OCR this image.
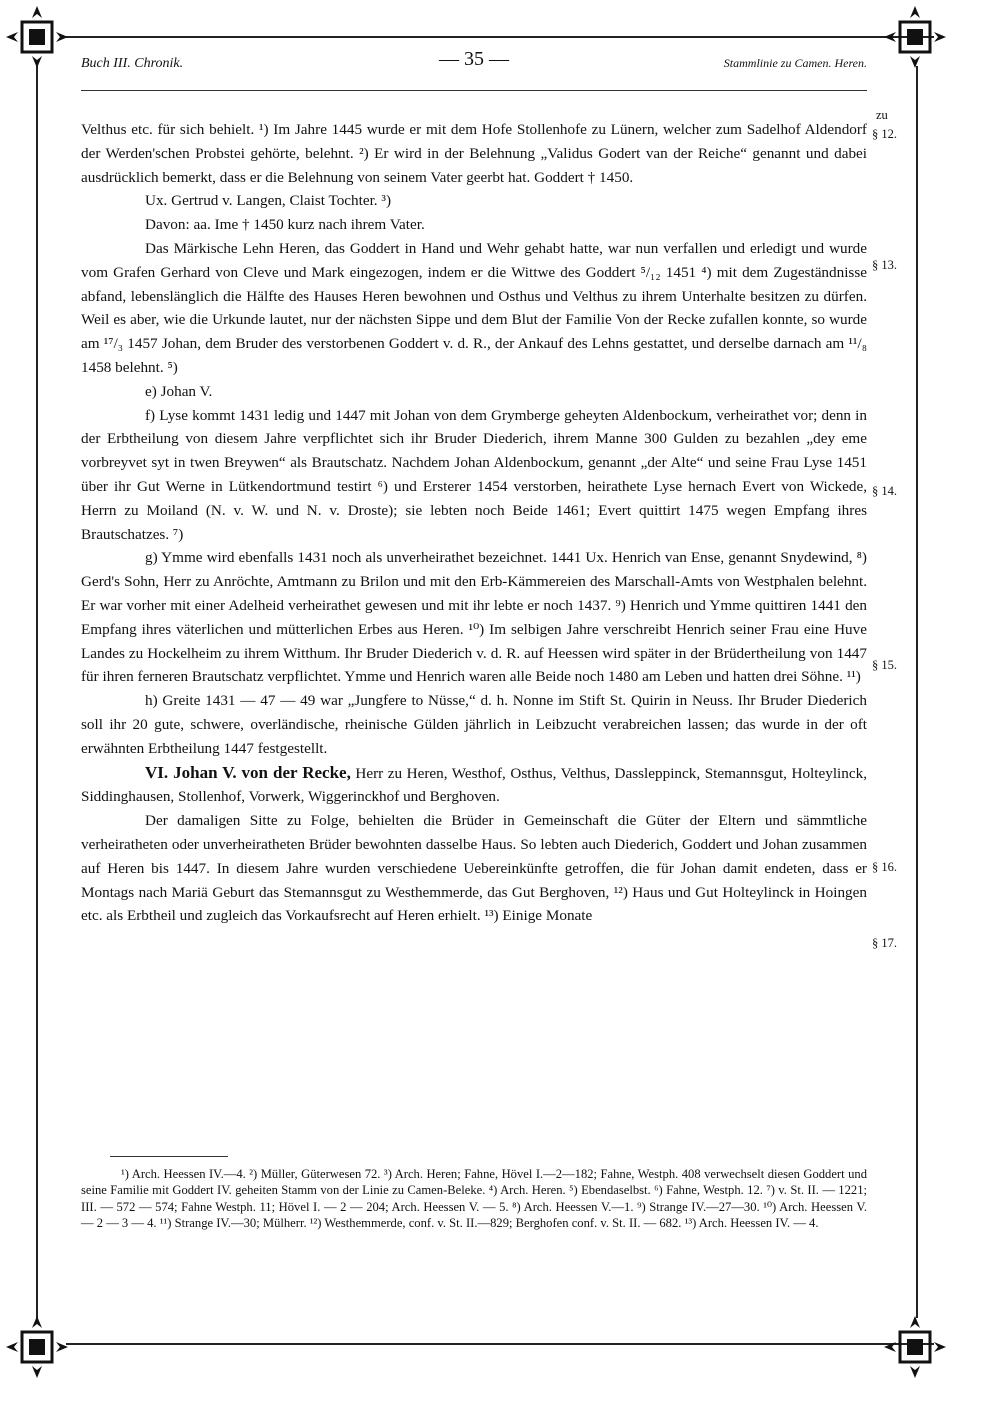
Buch III. Chronik.	— 35 —	Stammlinie zu Camen. Heren.
zu
§ 12.
§ 13.
§ 14.
§ 15.
§ 16.
§ 17.

Velthus etc. für sich behielt. ¹) Im Jahre 1445 wurde er mit dem Hofe Stollenhofe zu Lünern, welcher zum Sadelhof Aldendorf der Werden'schen Probstei gehörte, belehnt. ²) Er wird in der Belehnung „Validus Godert van der Reiche“ genannt und dabei ausdrücklich bemerkt, dass er die Belehnung von seinem Vater geerbt hat. Goddert † 1450.

Ux. Gertrud v. Langen, Claist Tochter. ³)

Davon: aa. Ime † 1450 kurz nach ihrem Vater.

Das Märkische Lehn Heren, das Goddert in Hand und Wehr gehabt hatte, war nun verfallen und erledigt und wurde vom Grafen Gerhard von Cleve und Mark eingezogen, indem er die Wittwe des Goddert ⁵/₁₂ 1451 ⁴) mit dem Zugeständnisse abfand, lebenslänglich die Hälfte des Hauses Heren bewohnen und Osthus und Velthus zu ihrem Unterhalte besitzen zu dürfen. Weil es aber, wie die Urkunde lautet, nur der nächsten Sippe und dem Blut der Familie Von der Recke zufallen konnte, so wurde am ¹⁷/₃ 1457 Johan, dem Bruder des verstorbenen Goddert v. d. R., der Ankauf des Lehns gestattet, und derselbe darnach am ¹¹/₈ 1458 belehnt. ⁵)

e) Johan V.

f) Lyse kommt 1431 ledig und 1447 mit Johan von dem Grymberge geheyten Aldenbockum, verheirathet vor; denn in der Erbtheilung von diesem Jahre verpflichtet sich ihr Bruder Diederich, ihrem Manne 300 Gulden zu bezahlen „dey eme vorbreyvet syt in twen Breywen“ als Brautschatz. Nachdem Johan Aldenbockum, genannt „der Alte“ und seine Frau Lyse 1451 über ihr Gut Werne in Lütkendortmund testirt ⁶) und Ersterer 1454 verstorben, heirathete Lyse hernach Evert von Wickede, Herrn zu Moiland (N. v. W. und N. v. Droste); sie lebten noch Beide 1461; Evert quittirt 1475 wegen Empfang ihres Brautschatzes. ⁷)

g) Ymme wird ebenfalls 1431 noch als unverheirathet bezeichnet. 1441 Ux. Henrich van Ense, genannt Snydewind, ⁸) Gerd's Sohn, Herr zu Anröchte, Amtmann zu Brilon und mit den Erb-Kämmereien des Marschall-Amts von Westphalen belehnt. Er war vorher mit einer Adelheid verheirathet gewesen und mit ihr lebte er noch 1437. ⁹) Henrich und Ymme quittiren 1441 den Empfang ihres väterlichen und mütterlichen Erbes aus Heren. ¹⁰) Im selbigen Jahre verschreibt Henrich seiner Frau eine Huve Landes zu Hockelheim zu ihrem Witthum. Ihr Bruder Diederich v. d. R. auf Heessen wird später in der Brüdertheilung von 1447 für ihren ferneren Brautschatz verpflichtet. Ymme und Henrich waren alle Beide noch 1480 am Leben und hatten drei Söhne. ¹¹)

h) Greite 1431 — 47 — 49 war „Jungfere to Nüsse,“ d. h. Nonne im Stift St. Quirin in Neuss. Ihr Bruder Diederich soll ihr 20 gute, schwere, overländische, rheinische Gülden jährlich in Leibzucht verabreichen lassen; das wurde in der oft erwähnten Erbtheilung 1447 festgestellt.

VI. Johan V. von der Recke, Herr zu Heren, Westhof, Osthus, Velthus, Dassleppinck, Stemannsgut, Holteylinck, Siddinghausen, Stollenhof, Vorwerk, Wiggerinckhof und Berghoven.

Der damaligen Sitte zu Folge, behielten die Brüder in Gemeinschaft die Güter der Eltern und sämmtliche verheiratheten oder unverheiratheten Brüder bewohnten dasselbe Haus. So lebten auch Diederich, Goddert und Johan zusammen auf Heren bis 1447. In diesem Jahre wurden verschiedene Uebereinkünfte getroffen, die für Johan damit endeten, dass er Montags nach Mariä Geburt das Stemannsgut zu Westhemmerde, das Gut Berghoven, ¹²) Haus und Gut Holteylinck in Hoingen etc. als Erbtheil und zugleich das Vorkaufsrecht auf Heren erhielt. ¹³) Einige Monate

¹) Arch. Heessen IV.—4. ²) Müller, Güterwesen 72. ³) Arch. Heren; Fahne, Hövel I.—2—182; Fahne, Westph. 408 verwechselt diesen Goddert und seine Familie mit Goddert IV. geheiten Stamm von der Linie zu Camen-Beleke. ⁴) Arch. Heren. ⁵) Ebendaselbst. ⁶) Fahne, Westph. 12. ⁷) v. St. II. — 1221; III. — 572 — 574; Fahne Westph. 11; Hövel I. — 2 — 204; Arch. Heessen V. — 5. ⁸) Arch. Heessen V.—1. ⁹) Strange IV.—27—30. ¹⁰) Arch. Heessen V. — 2 — 3 — 4. ¹¹) Strange IV.—30; Mülherr. ¹²) Westhemmerde, conf. v. St. II.—829; Berghofen conf. v. St. II. — 682. ¹³) Arch. Heessen IV. — 4.
